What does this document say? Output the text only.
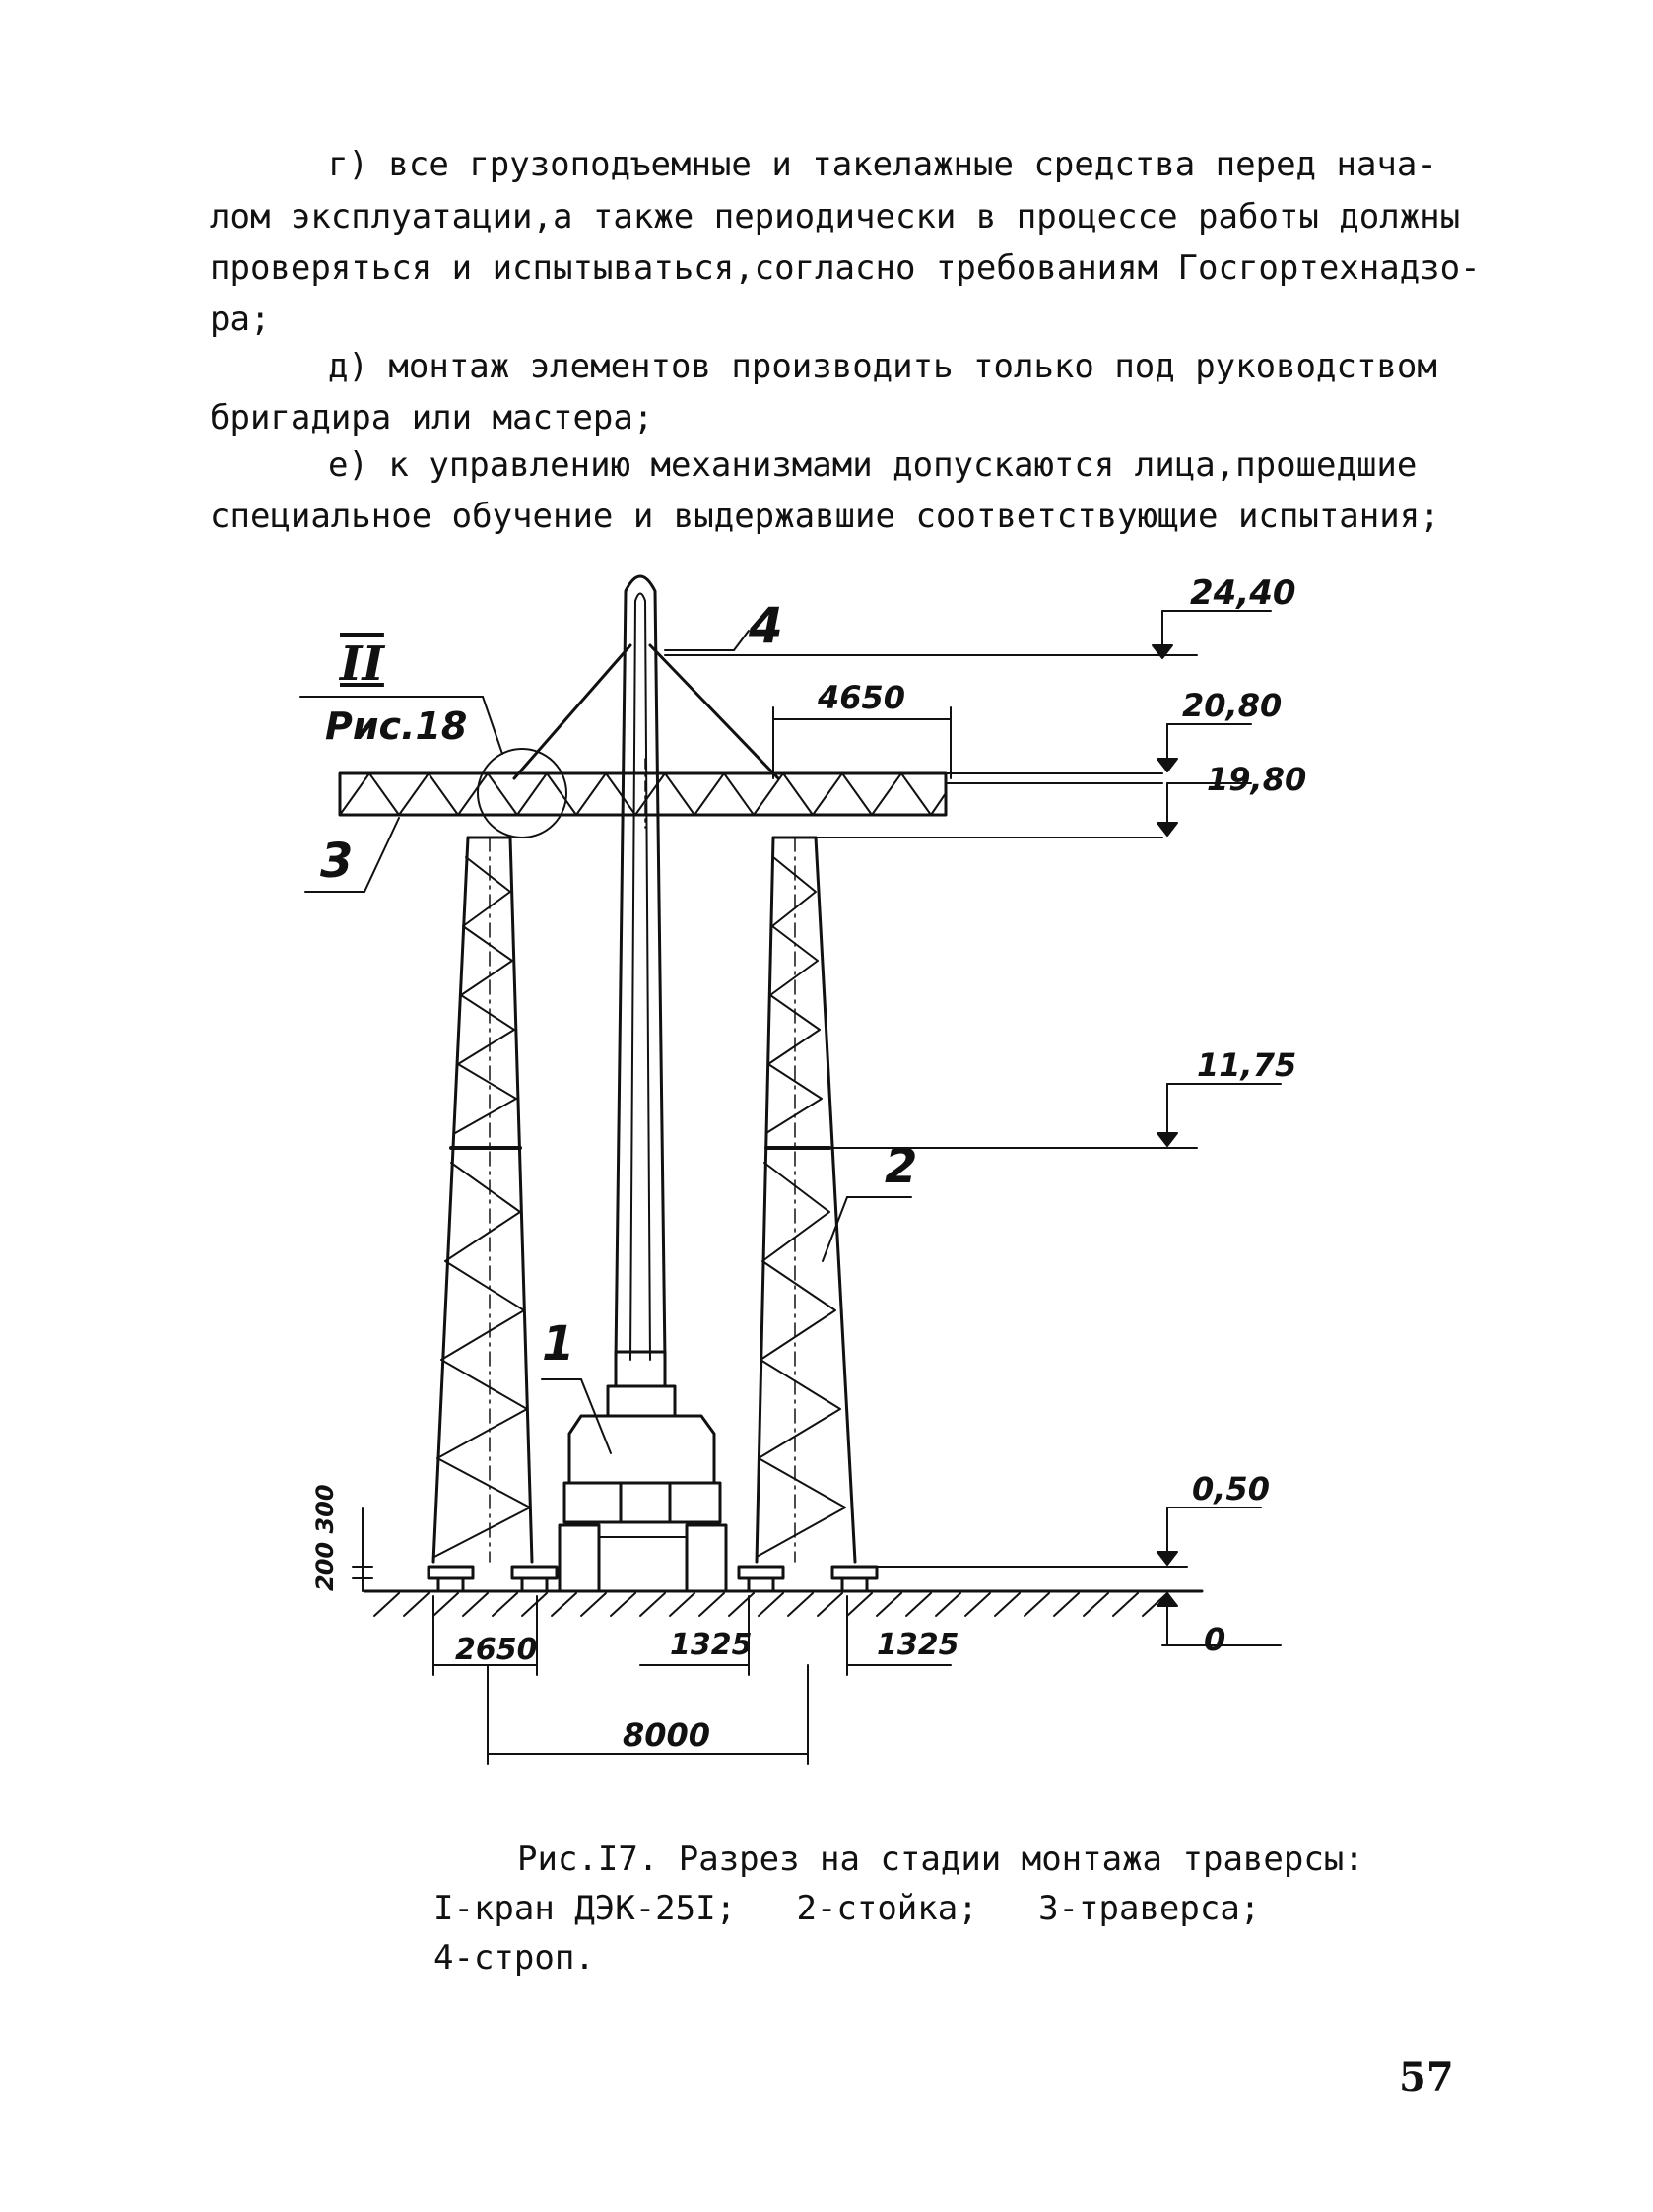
г) все грузоподъемные и такелажные средства перед нача-
лом эксплуатации,а также периодически в процессе работы должны
проверяться и испытываться,согласно требованиям Госгортехнадзо-
ра;
д) монтаж элементов производить только под руководством
бригадира или мастера;
е) к управлению механизмами допускаются лица,прошедшие
специальное обучение и выдержавшие соответствующие испытания;
24,40
20,80
19,80
11,75
0,50
0
4650
2650	1325	1325
8000
200 300
1
2
3
4
II
Рис.18
Рис.I7. Разрез на стадии монтажа траверсы:
I-кран ДЭК-25I;   2-стойка;   3-траверса;
4-строп.
57
